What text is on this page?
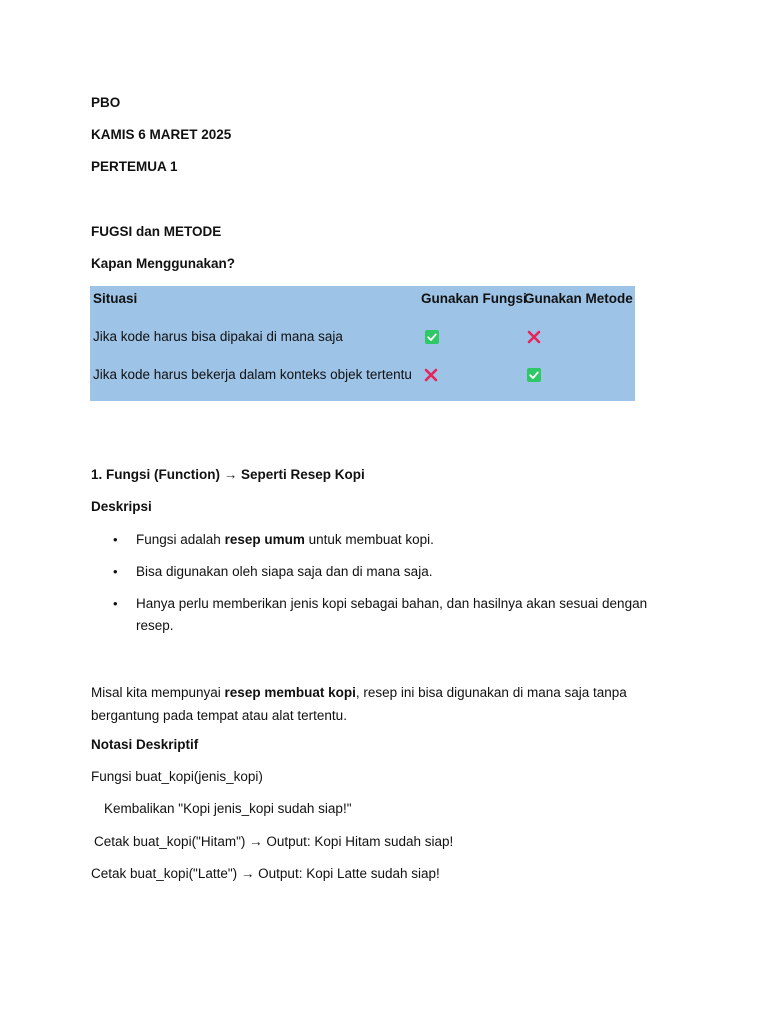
PBO
KAMIS 6 MARET 2025
PERTEMUA 1
FUGSI dan METODE
Kapan Menggunakan?
Situasi	Gunakan Fungsi
Gunakan Metode
Jika kode harus bisa dipakai di mana saja
Jika kode harus bekerja dalam konteks objek tertentu
1. Fungsi (Function) → Seperti Resep Kopi
Deskripsi
• Fungsi adalah resep umum untuk membuat kopi.
• Bisa digunakan oleh siapa saja dan di mana saja.
• Hanya perlu memberikan jenis kopi sebagai bahan, dan hasilnya akan sesuai dengan resep.
Misal kita mempunyai resep membuat kopi, resep ini bisa digunakan di mana saja tanpa bergantung pada tempat atau alat tertentu.
Notasi Deskriptif
Fungsi buat_kopi(jenis_kopi)
Kembalikan "Kopi jenis_kopi sudah siap!"
Cetak buat_kopi("Hitam") → Output: Kopi Hitam sudah siap!
Cetak buat_kopi("Latte") → Output: Kopi Latte sudah siap!
